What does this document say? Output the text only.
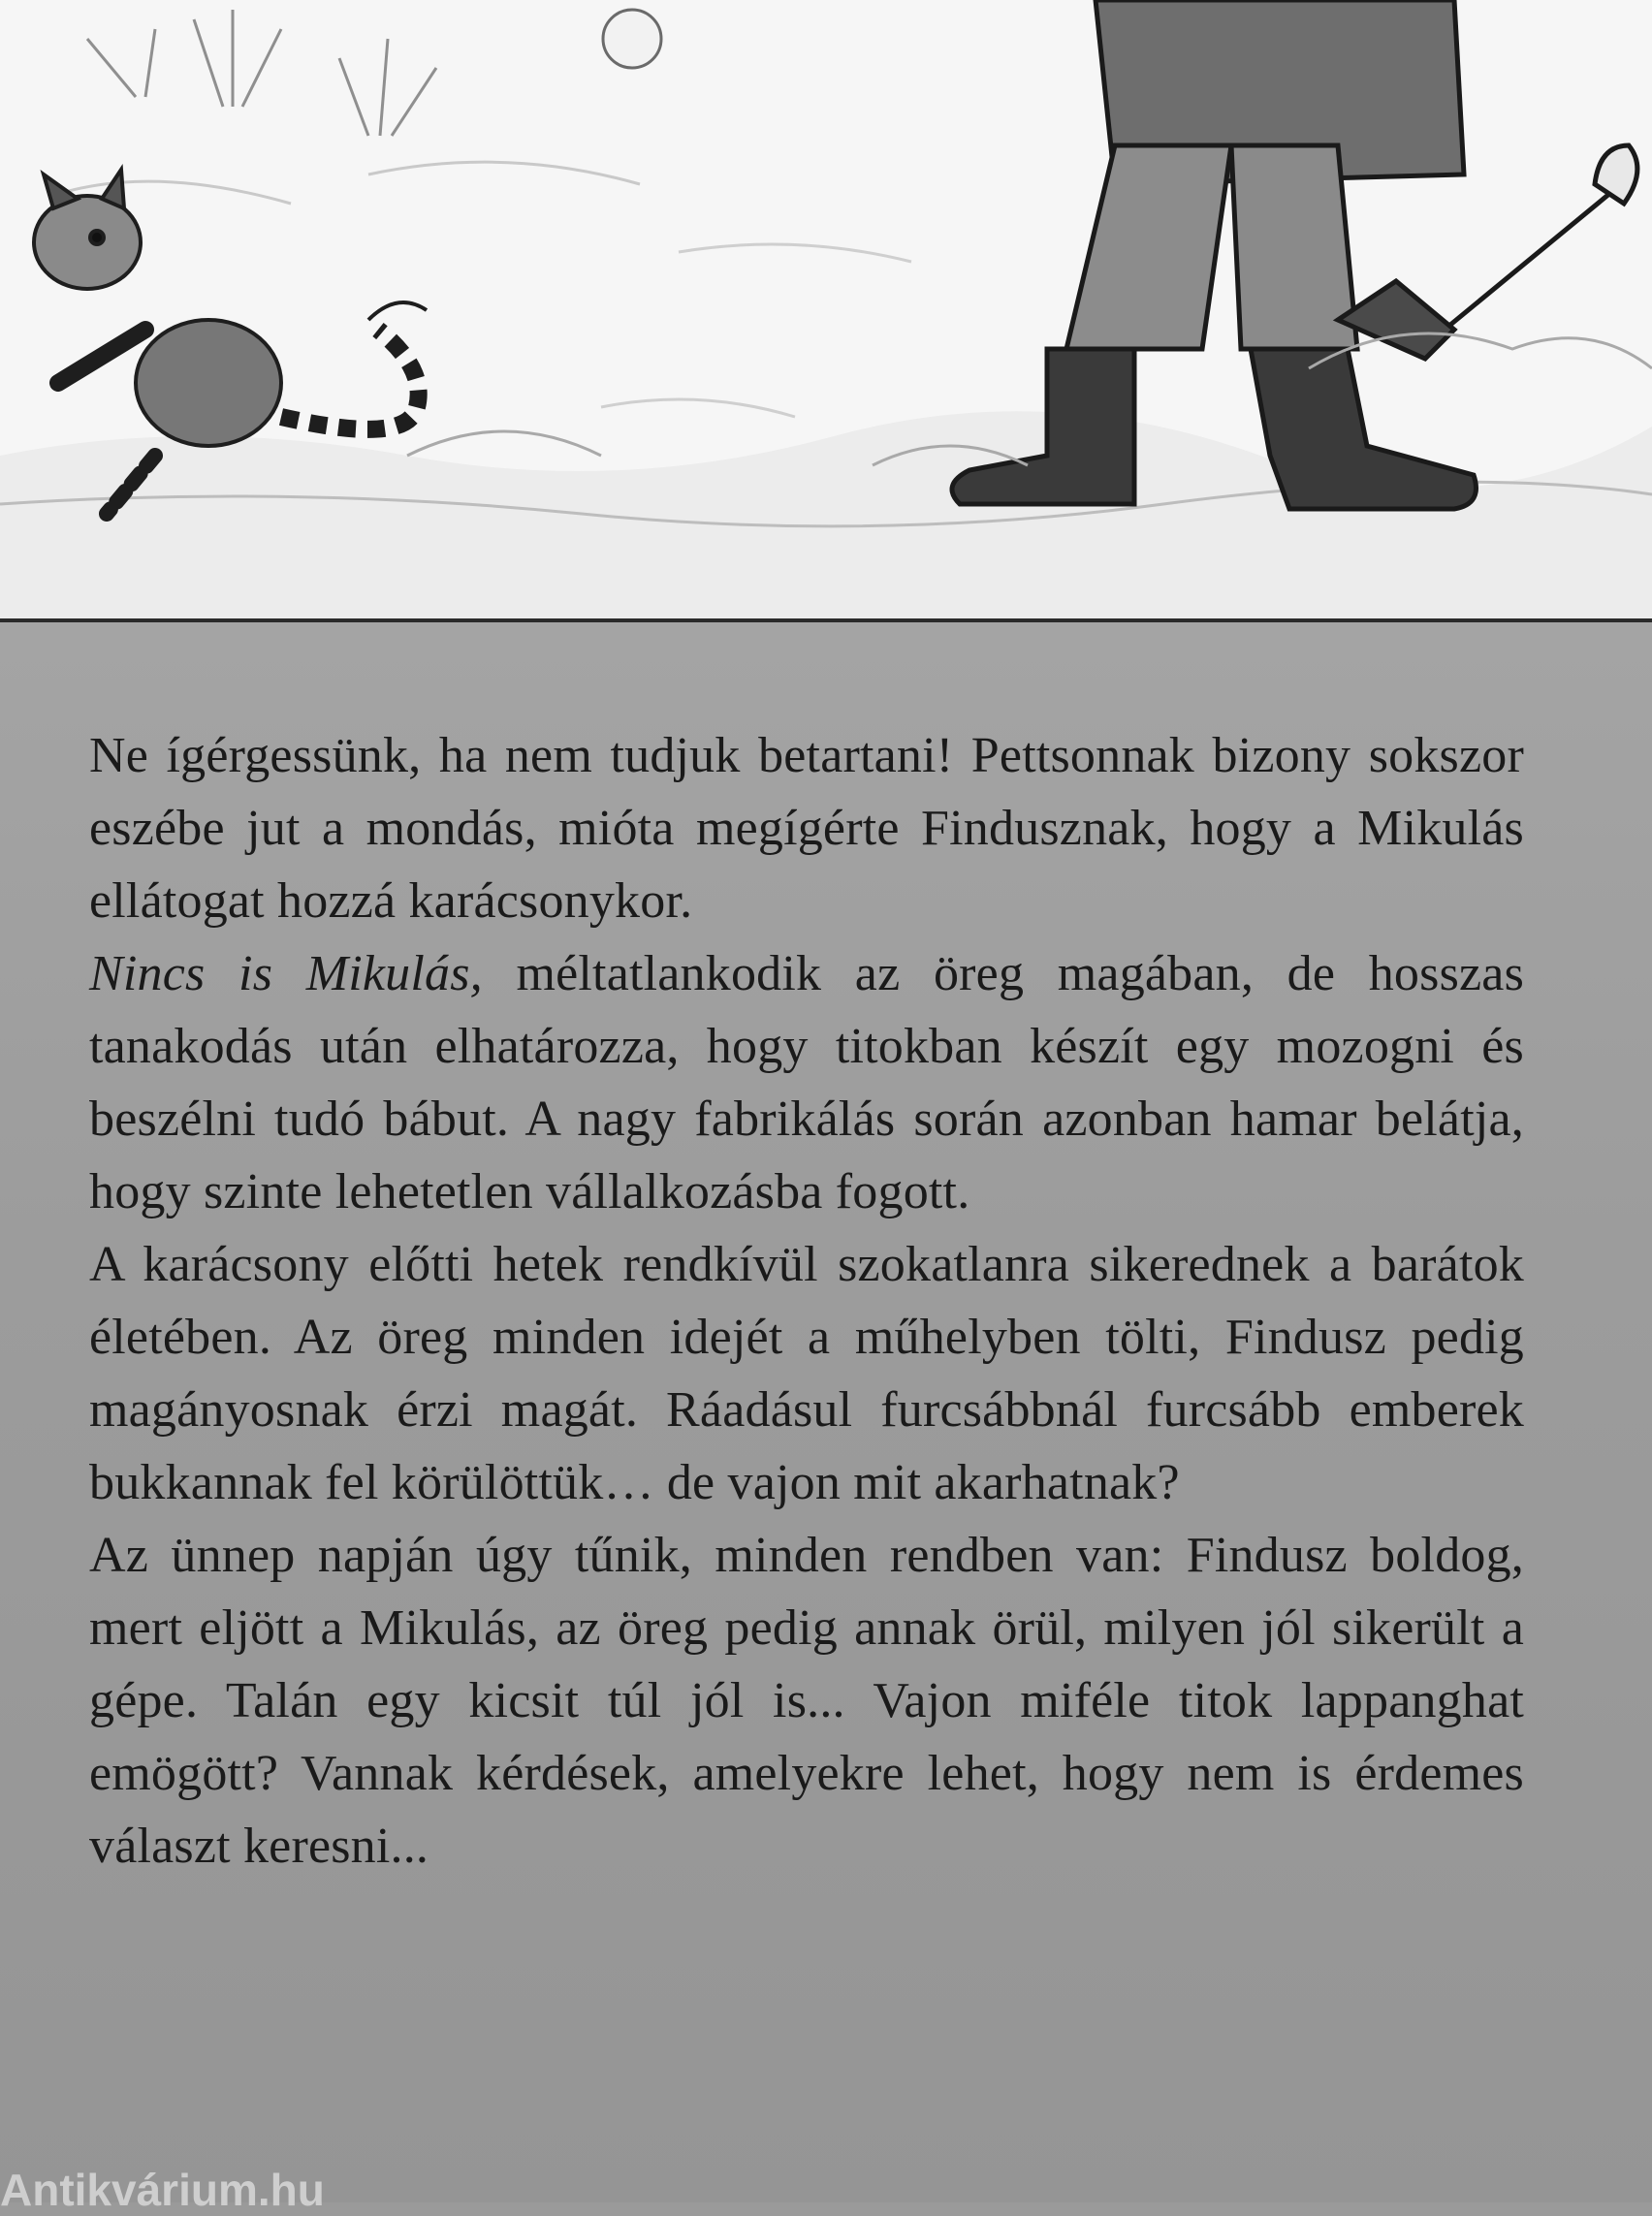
Ne ígérgessünk, ha nem tudjuk betartani! Pettsonnak bizony sokszor eszébe jut a mondás, mióta megígérte Findusznak, hogy a Mikulás ellátogat hozzá karácsonykor.

Nincs is Mikulás, méltatlankodik az öreg magában, de hosszas tanakodás után elhatározza, hogy titokban készít egy mozogni és beszélni tudó bábut. A nagy fabrikálás során azonban hamar belátja, hogy szinte lehetetlen vállalkozásba fogott.

A karácsony előtti hetek rendkívül szokatlanra sikerednek a barátok életében. Az öreg minden idejét a műhelyben tölti, Findusz pedig magányosnak érzi magát. Ráadásul furcsábbnál furcsább emberek bukkannak fel körülöttük… de vajon mit akarhatnak?

Az ünnep napján úgy tűnik, minden rendben van: Findusz boldog, mert eljött a Mikulás, az öreg pedig annak örül, milyen jól sikerült a gépe. Talán egy kicsit túl jól is... Vajon miféle titok lappanghat emögött? Vannak kérdések, amelyekre lehet, hogy nem is érdemes választ keresni...

Antikvárium.hu
